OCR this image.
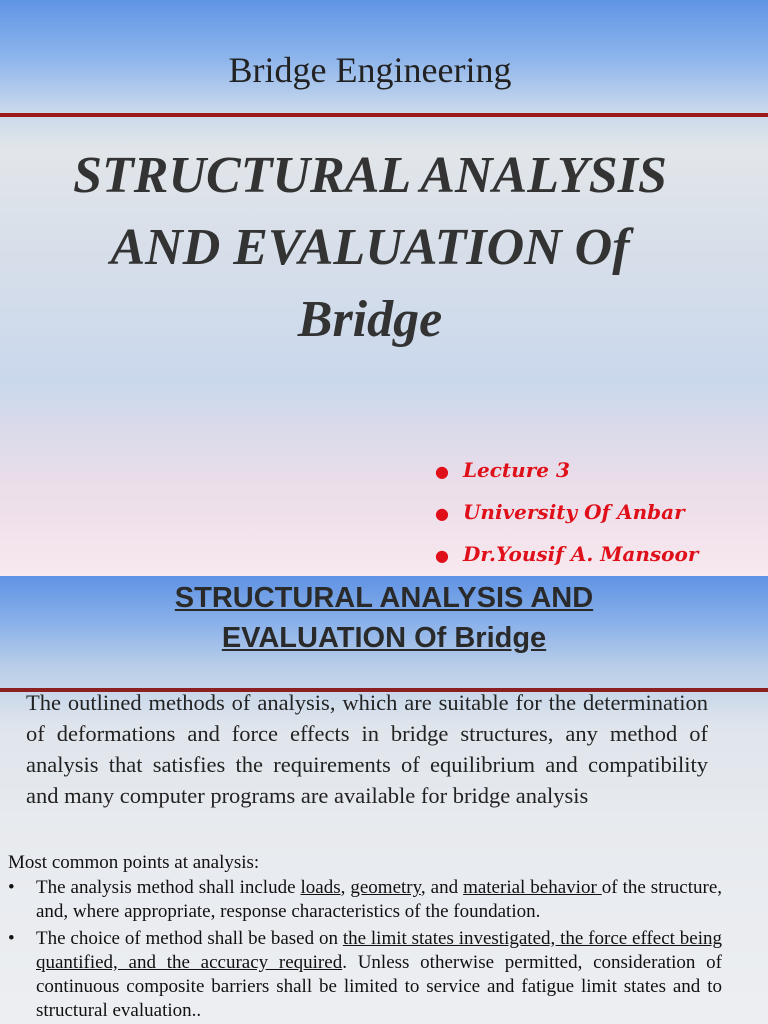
Bridge Engineering
STRUCTURAL ANALYSIS
AND EVALUATION Of
Bridge
● Lecture 3
● University Of Anbar
● Dr.Yousif A. Mansoor
STRUCTURAL ANALYSIS AND
EVALUATION Of Bridge

The outlined methods of analysis, which are suitable for the determination of deformations and force effects in bridge structures, any method of analysis that satisfies the requirements of equilibrium and compatibility and many computer programs are available for bridge analysis

Most common points at analysis:

• The analysis method shall include loads, geometry, and material behavior of the structure, and, where appropriate, response characteristics of the foundation.
• The choice of method shall be based on the limit states investigated, the force effect being quantified, and the accuracy required. Unless otherwise permitted, consideration of continuous composite barriers shall be limited to service and fatigue limit states and to structural evaluation..
